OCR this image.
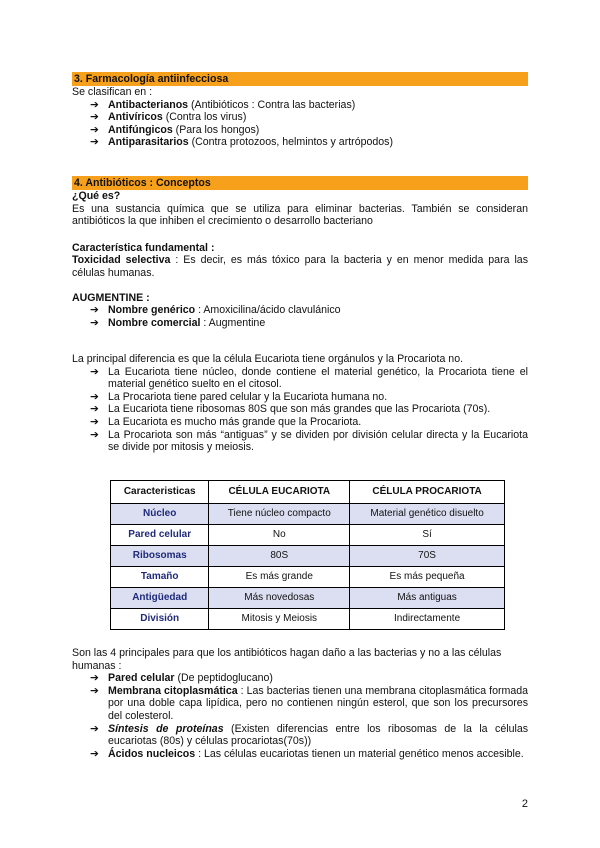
3. Farmacología antiinfecciosa

Se clasifican en :

➔ Antibacterianos (Antibióticos : Contra las bacterias)
➔ Antivíricos (Contra los virus)
➔ Antifúngicos (Para los hongos)
➔ Antiparasitarios (Contra protozoos, helmintos y artrópodos)
4. Antibióticos : Conceptos

¿Qué es?

Es una sustancia química que se utiliza para eliminar bacterias. También se consideran antibióticos la que inhiben el crecimiento o desarrollo bacteriano

Característica fundamental :

Toxicidad selectiva : Es decir, es más tóxico para la bacteria y en menor medida para las células humanas.

AUGMENTINE :

➔ Nombre genérico : Amoxicilina/ácido clavulánico
➔ Nombre comercial : Augmentine

La principal diferencia es que la célula Eucariota tiene orgánulos y la Procariota no.

➔ La Eucariota tiene núcleo, donde contiene el material genético, la Procariota tiene el material genético suelto en el citosol.
➔ La Procariota tiene pared celular y la Eucariota humana no.
➔ La Eucariota tiene ribosomas 80S que son más grandes que las Procariota (70s).
➔ La Eucariota es mucho más grande que la Procariota.
➔ La Procariota son más “antiguas” y se dividen por división celular directa y la Eucariota se divide por mitosis y meiosis.
Caracteristicas	CÉLULA EUCARIOTA	CÉLULA PROCARIOTA
Núcleo	Tiene núcleo compacto	Material genético disuelto
Pared celular	No	Sí
Ribosomas	80S	70S
Tamaño	Es más grande	Es más pequeña
Antigüedad	Más novedosas	Más antiguas
División	Mitosis y Meiosis	Indirectamente

Son las 4 principales para que los antibióticos hagan daño a las bacterias y no a las células humanas :

➔ Pared celular (De peptidoglucano)
➔ Membrana citoplasmática : Las bacterias tienen una membrana citoplasmática formada por una doble capa lipídica, pero no contienen ningún esterol, que son los precursores del colesterol.
➔ Síntesis de proteínas (Existen diferencias entre los ribosomas de la la células eucariotas (80s) y células procariotas(70s))
➔ Ácidos nucleicos : Las células eucariotas tienen un material genético menos accesible.
2
